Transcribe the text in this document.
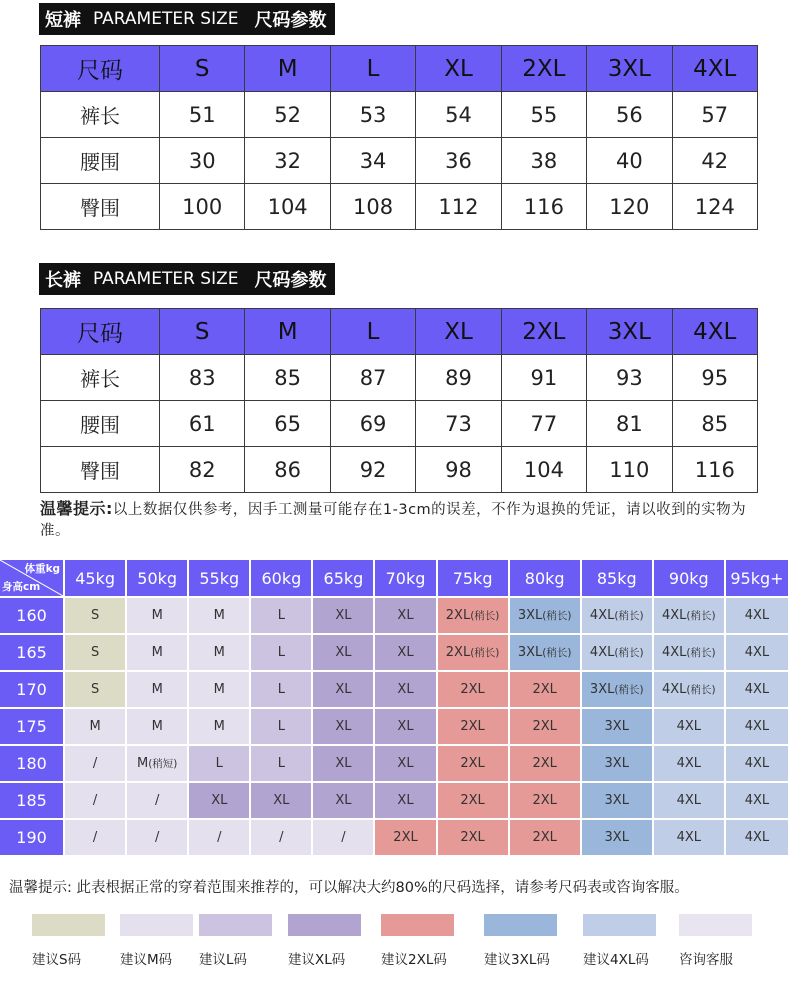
短裤 PARAMETER SIZE 尺码参数
尺码	S	M	L	XL	2XL	3XL	4XL
裤长	51	52	53	54	55	56	57
腰围	30	32	34	36	38	40	42
臀围	100	104	108	112	116	120	124
长裤 PARAMETER SIZE 尺码参数
尺码	S	M	L	XL	2XL	3XL	4XL
裤长	83	85	87	89	91	93	95
腰围	61	65	69	73	77	81	85
臀围	82	86	92	98	104	110	116
温馨提示:以上数据仅供参考，因手工测量可能存在1-3cm的误差，不作为退换的凭证，请以收到的实物为准。
体重kg
身高cm	45kg	50kg	55kg	60kg	65kg	70kg	75kg	80kg	85kg	90kg	95kg+
160	S	M	M	L	XL	XL	2XL(稍长)	3XL(稍长)	4XL(稍长)	4XL(稍长)	4XL
165	S	M	M	L	XL	XL	2XL(稍长)	3XL(稍长)	4XL(稍长)	4XL(稍长)	4XL
170	S	M	M	L	XL	XL	2XL	2XL	3XL(稍长)	4XL(稍长)	4XL
175	M	M	M	L	XL	XL	2XL	2XL	3XL	4XL	4XL
180	/	M(稍短)	L	L	XL	XL	2XL	2XL	3XL	4XL	4XL
185	/	/	XL	XL	XL	XL	2XL	2XL	3XL	4XL	4XL
190	/	/	/	/	/	2XL	2XL	2XL	3XL	4XL	4XL
温馨提示: 此表根据正常的穿着范围来推荐的，可以解决大约80%的尺码选择，请参考尺码表或咨询客服。
建议S码	建议M码	建议L码	建议XL码	建议2XL码	建议3XL码	建议4XL码	咨询客服
